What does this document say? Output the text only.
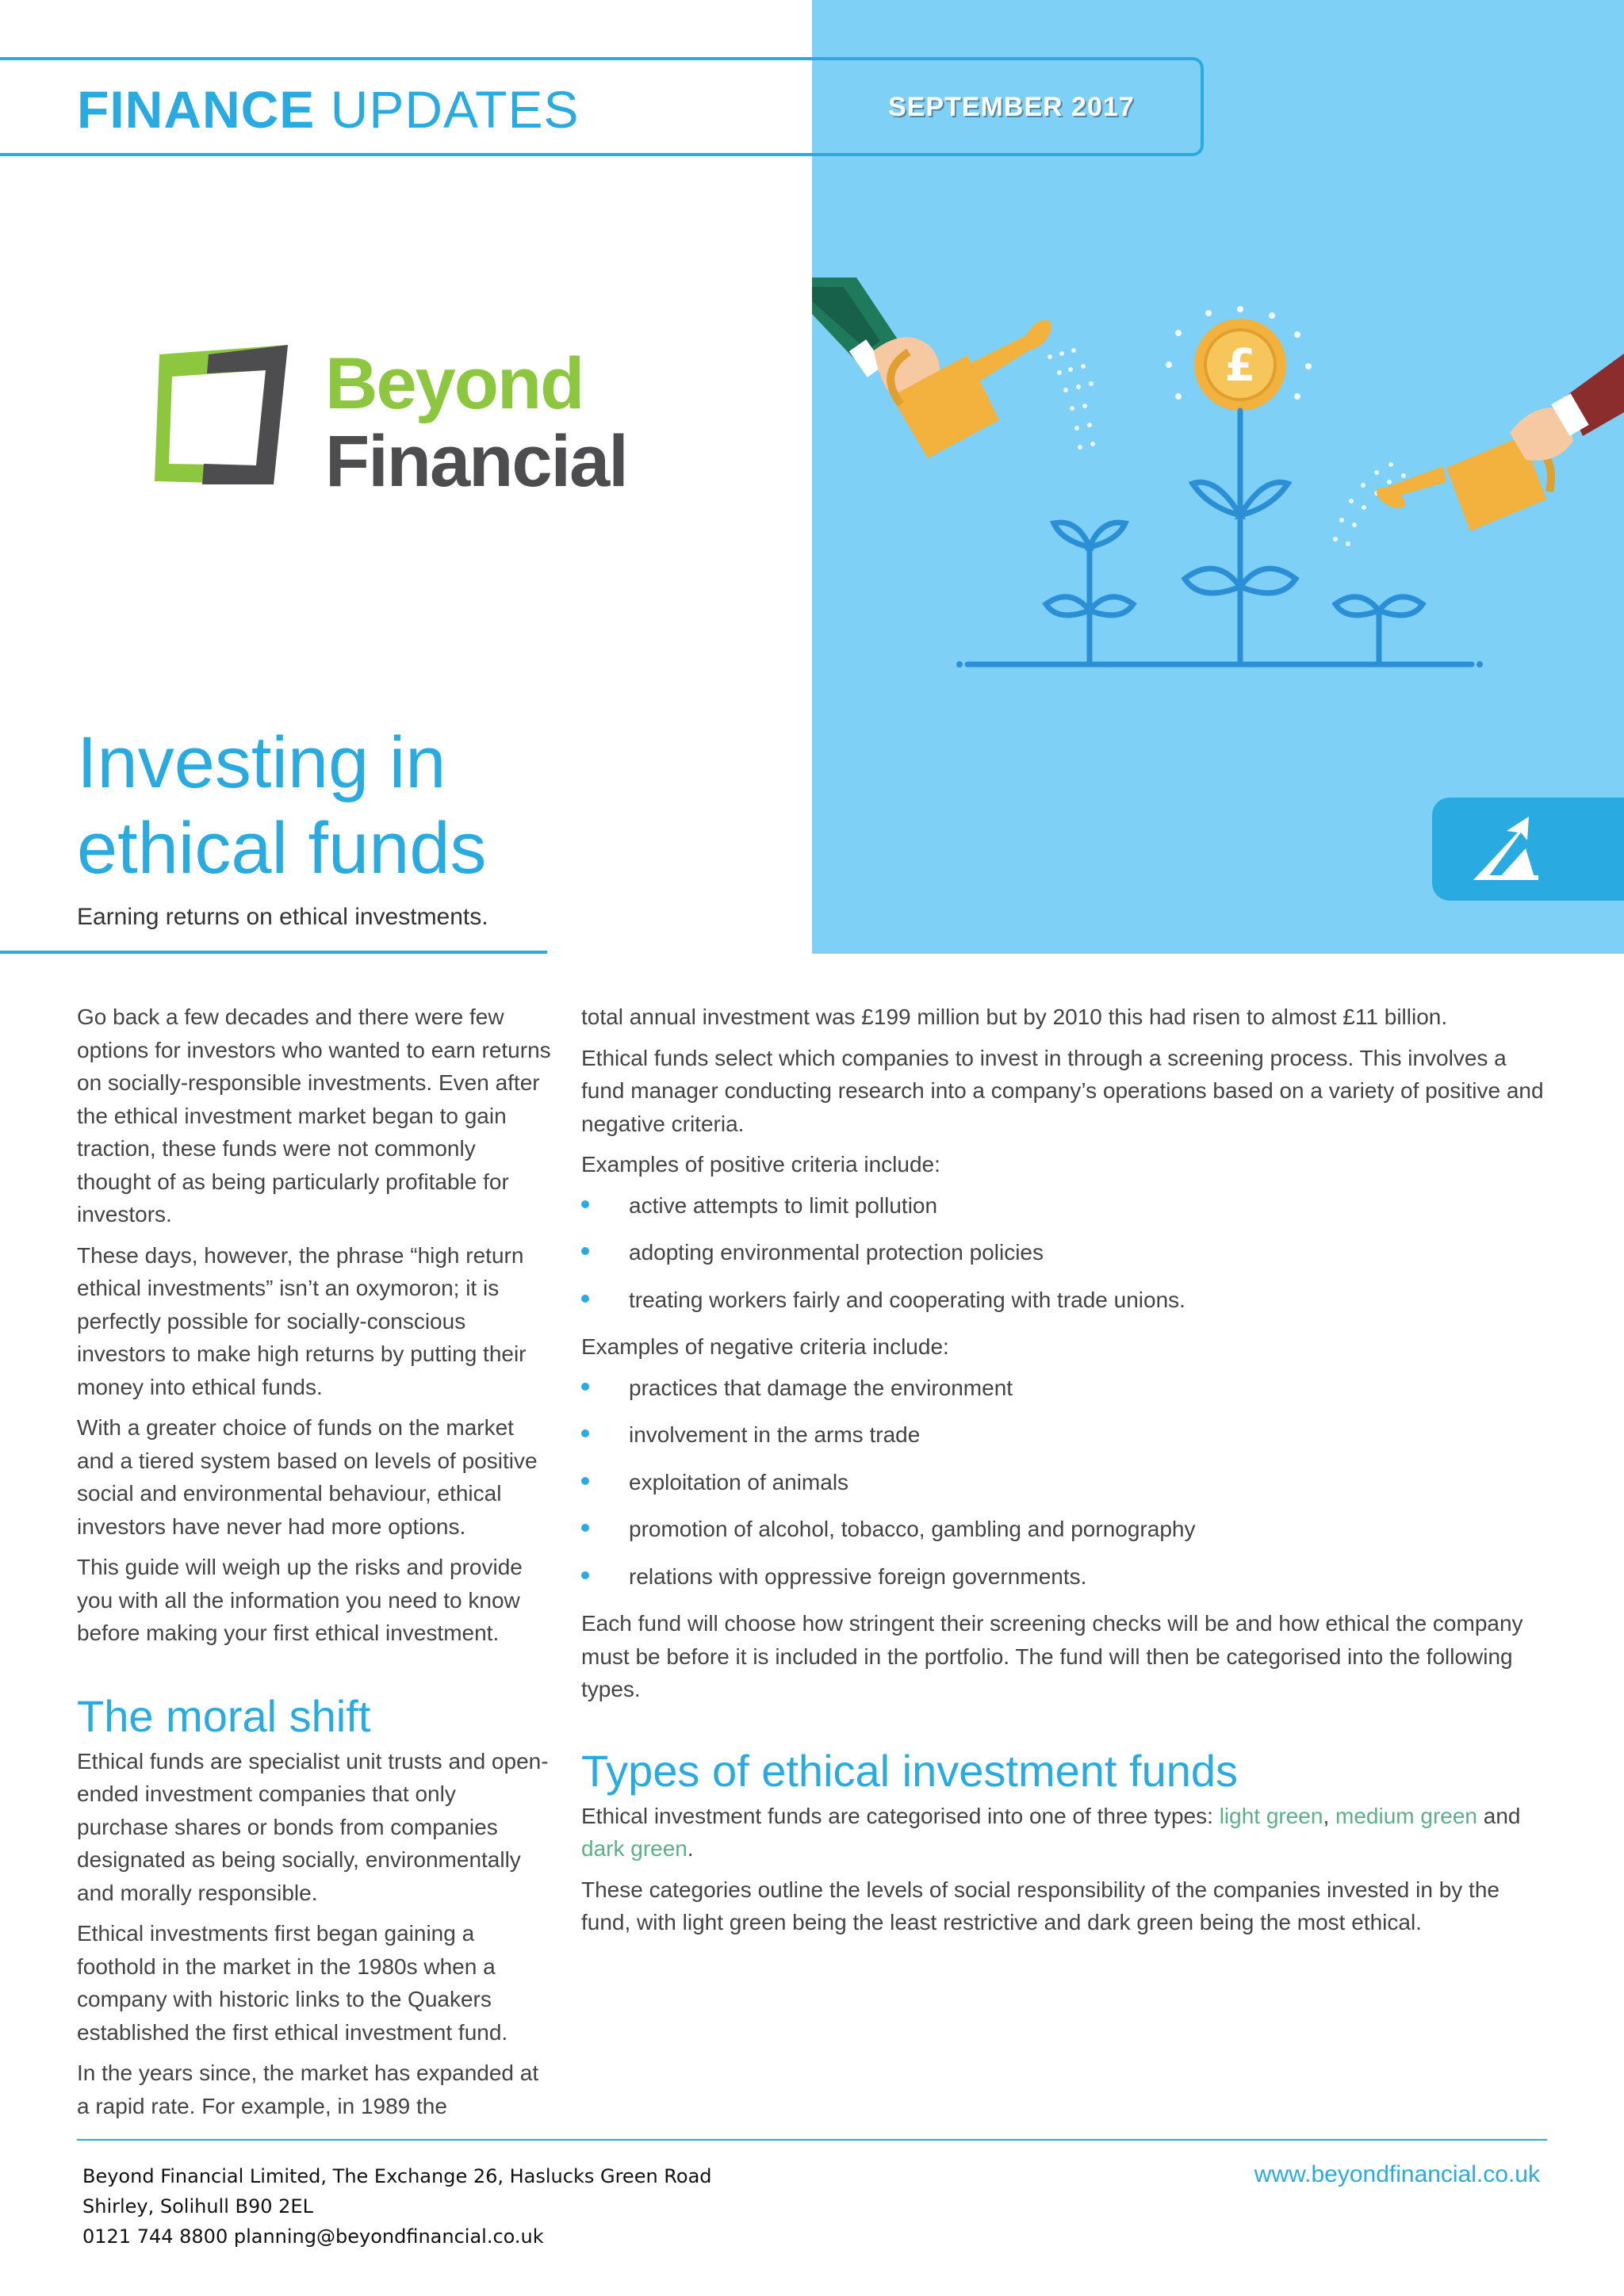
FINANCE UPDATES	SEPTEMBER 2017
Beyond
Financial
£
Investing in
ethical funds
Earning returns on ethical investments.

Go back a few decades and there were few options for investors who wanted to earn returns on socially-responsible investments. Even after the ethical investment market began to gain traction, these funds were not commonly thought of as being particularly profitable for investors.

These days, however, the phrase “high return ethical investments” isn’t an oxymoron; it is perfectly possible for socially-conscious investors to make high returns by putting their money into ethical funds.

With a greater choice of funds on the market and a tiered system based on levels of positive social and environmental behaviour, ethical investors have never had more options.

This guide will weigh up the risks and provide you with all the information you need to know before making your first ethical investment.

The moral shift

Ethical funds are specialist unit trusts and open-ended investment companies that only purchase shares or bonds from companies designated as being socially, environmentally and morally responsible.

Ethical investments first began gaining a foothold in the market in the 1980s when a company with historic links to the Quakers established the first ethical investment fund.

In the years since, the market has expanded at a rapid rate. For example, in 1989 the

total annual investment was £199 million but by 2010 this had risen to almost £11 billion.

Ethical funds select which companies to invest in through a screening process. This involves a fund manager conducting research into a company’s operations based on a variety of positive and negative criteria.

Examples of positive criteria include:

active attempts to limit pollution
adopting environmental protection policies
treating workers fairly and cooperating with trade unions.

Examples of negative criteria include:

practices that damage the environment
involvement in the arms trade
exploitation of animals
promotion of alcohol, tobacco, gambling and pornography
relations with oppressive foreign governments.

Each fund will choose how stringent their screening checks will be and how ethical the company must be before it is included in the portfolio. The fund will then be categorised into the following types.

Types of ethical investment funds

Ethical investment funds are categorised into one of three types: light green, medium green and dark green.

These categories outline the levels of social responsibility of the companies invested in by the fund, with light green being the least restrictive and dark green being the most ethical.

Beyond Financial Limited, The Exchange 26, Haslucks Green Road
Shirley, Solihull B90 2EL
0121 744 8800 planning@beyondfinancial.co.uk
www.beyondfinancial.co.uk
